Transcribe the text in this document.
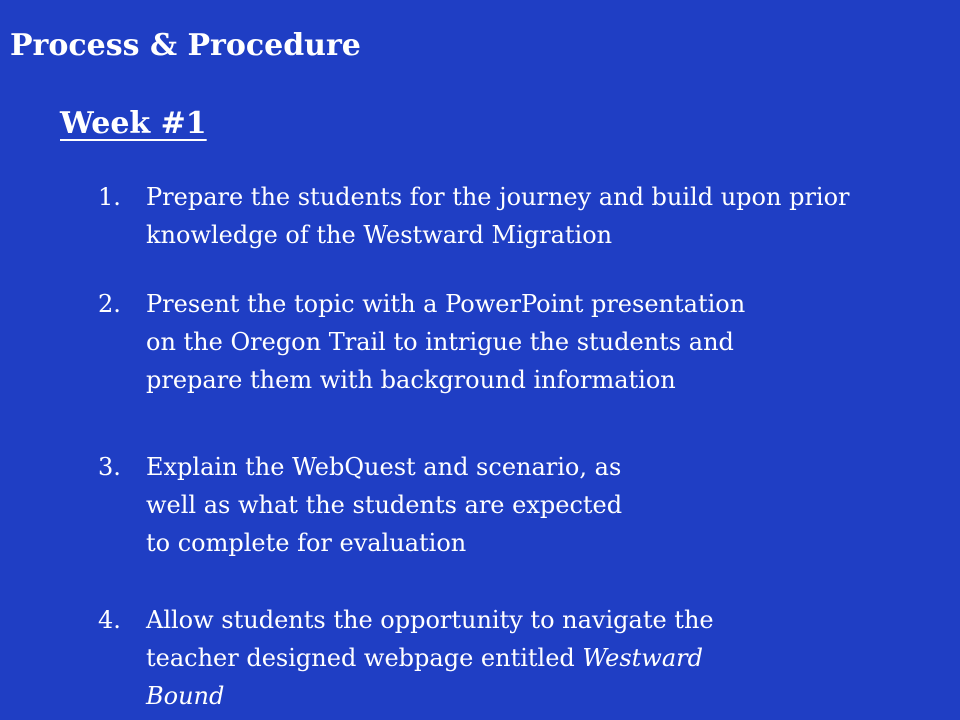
Process & Procedure
Week #1
1.	Prepare the students for the journey and build upon prior
knowledge of the Westward Migration
2.	Present the topic with a PowerPoint presentation
on the Oregon Trail to intrigue the students and
prepare them with background information
3.	Explain the WebQuest and scenario, as
well as what the students are expected
to complete for evaluation
4.	Allow students the opportunity to navigate the
teacher designed webpage entitled Westward
Bound
